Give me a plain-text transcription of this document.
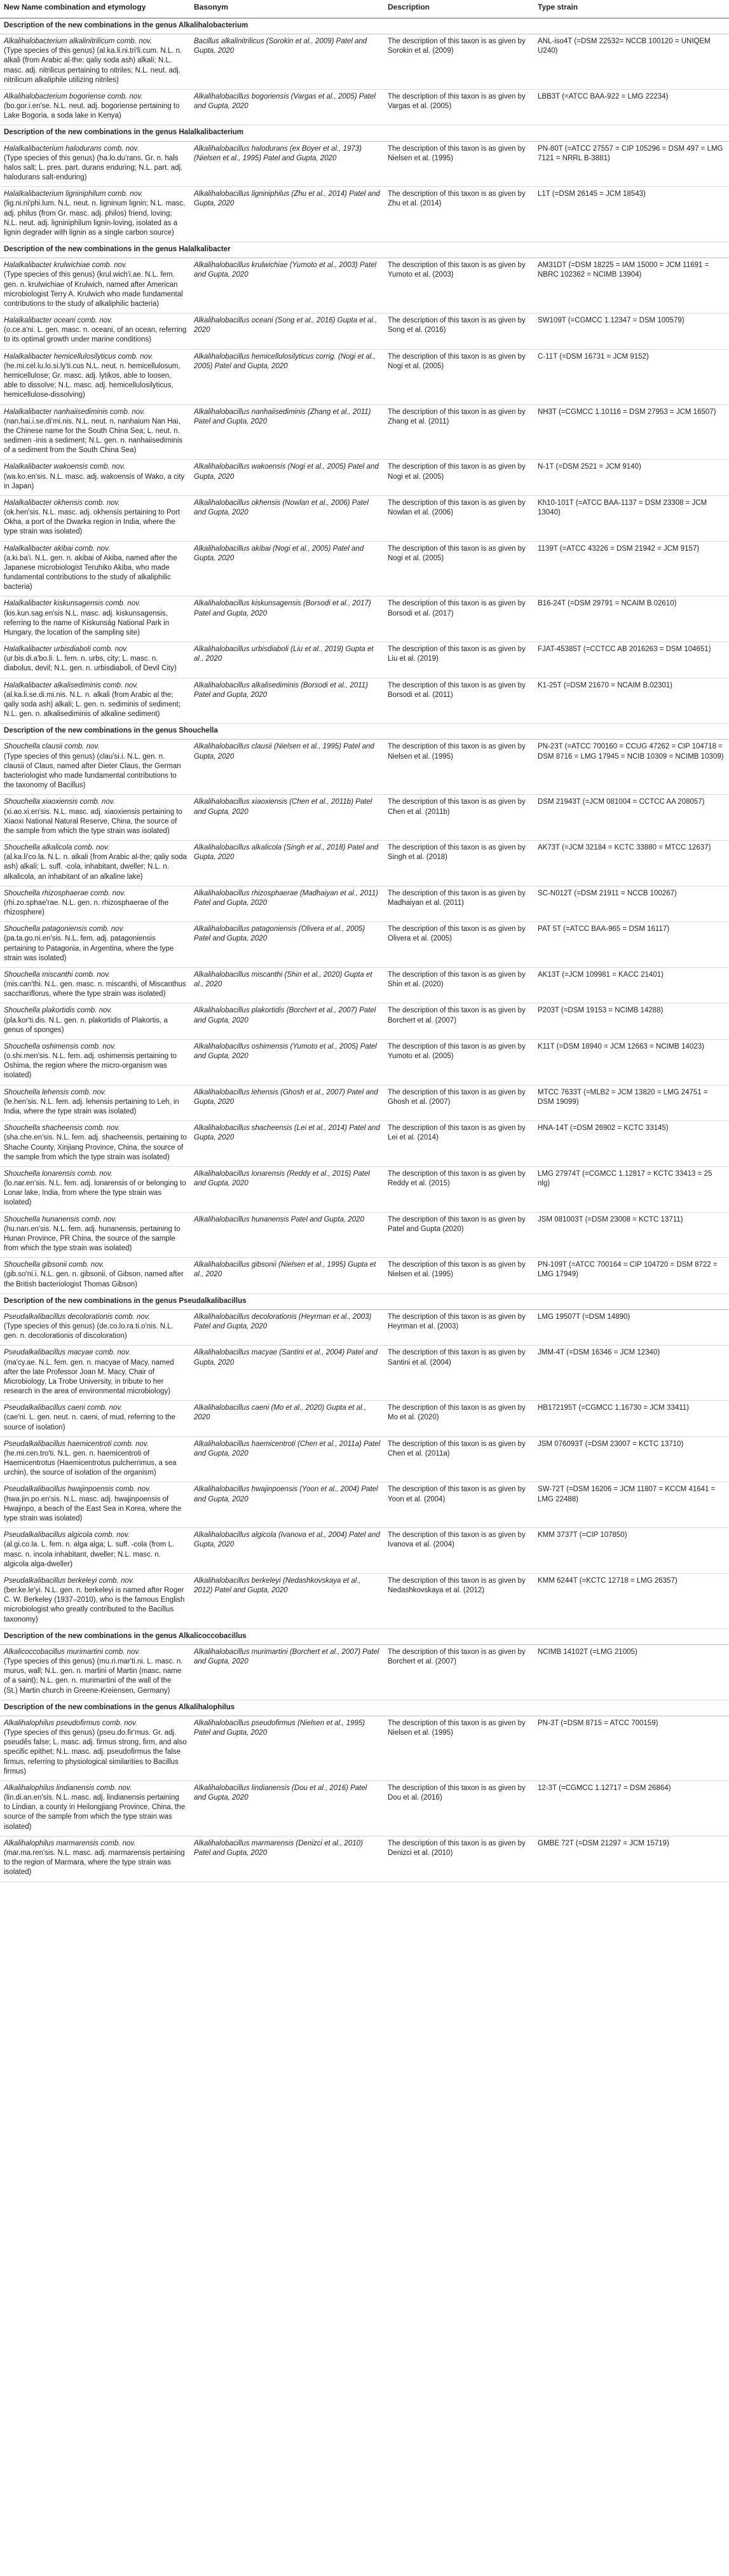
New Name combination and etymology	Basonym	Description	Type strain
Description of the new combinations in the genus Alkalihalobacterium			

Alkalihalobacterium alkalinitrilicum comb. nov.

(Type species of this genus) (al.ka.li.ni.tri'li.cum. N.L. n. alkali (from Arabic al-the; qaliy soda ash) alkali; N.L. masc. adj. nitrilicus pertaining to nitriles; N.L. neut. adj. nitrilicum alkaliphile utilizing nitriles)	Bacillus alkalinitrilicus (Sorokin et al., 2009) Patel and Gupta, 2020	The description of this taxon is as given by Sorokin et al. (2009)	ANL-iso4T (=DSM 22532= NCCB 100120 = UNIQEM U240)

Alkalihalobacterium bogoriense comb. nov.

(bo.gor.i.en'se. N.L. neut. adj. bogoriense pertaining to Lake Bogoria, a soda lake in Kenya)	Alkalihalobacillus bogoriensis (Vargas et al., 2005) Patel and Gupta, 2020	The description of this taxon is as given by Vargas et al. (2005)	LBB3T (=ATCC BAA-922 = LMG 22234)
Description of the new combinations in the genus Halalkalibacterium			

Halalkalibacterium halodurans comb. nov.

(Type species of this genus) (ha.lo.du'rans. Gr. n. hals halos salt; L. pres. part. durans enduring; N.L. part. adj. halodurans salt-enduring)	Alkalihalobacillus halodurans (ex Boyer et al., 1973) (Nielsen et al., 1995) Patel and Gupta, 2020	The description of this taxon is as given by Nielsen et al. (1995)	PN-80T (=ATCC 27557 = CIP 105296 = DSM 497 = LMG 7121 = NRRL B-3881)

Halalkalibacterium ligniniphilum comb. nov.

(lig.ni.ni'phi.lum. N.L. neut. n. ligninum lignin; N.L. masc. adj. philus (from Gr. masc. adj. philos) friend, loving; N.L. neut. adj. ligniniphilum lignin-loving, isolated as a lignin degrader with lignin as a single carbon source)	Alkalihalobacillus ligniniphilus (Zhu et al., 2014) Patel and Gupta, 2020	The description of this taxon is as given by Zhu et al. (2014)	L1T (=DSM 26145 = JCM 18543)
Description of the new combinations in the genus Halalkalibacter			

Halalkalibacter krulwichiae comb. nov.

(Type species of this genus) (krul.wich'i.ae. N.L. fem. gen. n. krulwichiae of Krulwich, named after American microbiologist Terry A. Krulwich who made fundamental contributions to the study of alkaliphilic bacteria)	Alkalihalobacillus krulwichiae (Yumoto et al., 2003) Patel and Gupta, 2020	The description of this taxon is as given by Yumoto et al. (2003)	AM31DT (=DSM 18225 = IAM 15000 = JCM 11691 = NBRC 102362 = NCIMB 13904)

Halalkalibacter oceani comb. nov.

(o.ce.a'ni. L. gen. masc. n. oceani, of an ocean, referring to its optimal growth under marine conditions)	Alkalihalobacillus oceani (Song et al., 2016) Gupta et al., 2020	The description of this taxon is as given by Song et al. (2016)	SW109T (=CGMCC 1.12347 = DSM 100579)

Halalkalibacter hemicellulosilyticus comb. nov.

(he.mi.cel.lu.lo.si.ly'ti.cus N.L. neut. n. hemicellulosum, hemicellulose; Gr. masc. adj. lytikos, able to loosen, able to dissolve; N.L. masc. adj. hemicellulosilyticus, hemicellulose-dissolving)	Alkalihalobacillus hemicellulosilyticus corrig. (Nogi et al., 2005) Patel and Gupta, 2020	The description of this taxon is as given by Nogi et al. (2005)	C-11T (=DSM 16731 = JCM 9152)

Halalkalibacter nanhaiisediminis comb. nov.

(nan.hai.i.se.di'mi.nis. N.L. neut. n. nanhaium Nan Hai, the Chinese name for the South China Sea; L. neut. n. sedimen -inis a sediment; N.L. gen. n. nanhaiisediminis of a sediment from the South China Sea)	Alkalihalobacillus nanhaiisediminis (Zhang et al., 2011) Patel and Gupta, 2020	The description of this taxon is as given by Zhang et al. (2011)	NH3T (=CGMCC 1.10116 = DSM 27953 = JCM 16507)

Halalkalibacter wakoensis comb. nov.

(wa.ko.en'sis. N.L. masc. adj. wakoensis of Wako, a city in Japan)	Alkalihalobacillus wakoensis (Nogi et al., 2005) Patel and Gupta, 2020	The description of this taxon is as given by Nogi et al. (2005)	N-1T (=DSM 2521 = JCM 9140)

Halalkalibacter okhensis comb. nov.

(ok.hen'sis. N.L. masc. adj. okhensis pertaining to Port Okha, a port of the Dwarka region in India, where the type strain was isolated)	Alkalihalobacillus okhensis (Nowlan et al., 2006) Patel and Gupta, 2020	The description of this taxon is as given by Nowlan et al. (2006)	Kh10-101T (=ATCC BAA-1137 = DSM 23308 = JCM 13040)

Halalkalibacter akibai comb. nov.

(a.ki.ba'i. N.L. gen. n. akibai of Akiba, named after the Japanese microbiologist Teruhiko Akiba, who made fundamental contributions to the study of alkaliphilic bacteria)	Alkalihalobacillus akibai (Nogi et al., 2005) Patel and Gupta, 2020	The description of this taxon is as given by Nogi et al. (2005)	1139T (=ATCC 43226 = DSM 21942 = JCM 9157)

Halalkalibacter kiskunsagensis comb. nov.

(kis.kun.sag.en'sis N.L. masc. adj. kiskunsagensis, referring to the name of Kiskunság National Park in Hungary, the location of the sampling site)	Alkalihalobacillus kiskunsagensis (Borsodi et al., 2017) Patel and Gupta, 2020	The description of this taxon is as given by Borsodi et al. (2017)	B16-24T (=DSM 29791 = NCAIM B.02610)

Halalkalibacter urbisdiaboli comb. nov.

(ur.bis.di.a'bo.li. L. fem. n. urbs, city; L. masc. n. diabolus, devil; N.L. gen. n. urbisdiaboli, of Devil City)	Alkalihalobacillus urbisdiaboli (Liu et al., 2019) Gupta et al., 2020	The description of this taxon is as given by Liu et al. (2019)	FJAT-45385T (=CCTCC AB 2016263 = DSM 104651)

Halalkalibacter alkalisediminis comb. nov.

(al.ka.li.se.di.mi.nis. N.L. n. alkali (from Arabic al the; qaliy soda ash) alkali; L. gen. n. sediminis of sediment; N.L. gen. n. alkalisediminis of alkaline sediment)	Alkalihalobacillus alkalisediminis (Borsodi et al., 2011) Patel and Gupta, 2020	The description of this taxon is as given by Borsodi et al. (2011)	K1-25T (=DSM 21670 = NCAIM B.02301)
Description of the new combinations in the genus Shouchella			

Shouchella clausii comb. nov.

(Type species of this genus) (clau'si.i. N.L. gen. n. clausii of Claus, named after Dieter Claus, the German bacteriologist who made fundamental contributions to the taxonomy of Bacillus)	Alkalihalobacillus clausii (Nielsen et al., 1995) Patel and Gupta, 2020	The description of this taxon is as given by Nielsen et al. (1995)	PN-23T (=ATCC 700160 = CCUG 47262 = CIP 104718 = DSM 8716 = LMG 17945 = NCIB 10309 = NCIMB 10309)

Shouchella xiaoxiensis comb. nov.

(xi.ao.xi.en'sis. N.L. masc. adj. xiaoxiensis pertaining to Xiaoxi National Natural Reserve, China, the source of the sample from which the type strain was isolated)	Alkalihalobacillus xiaoxiensis (Chen et al., 2011b) Patel and Gupta, 2020	The description of this taxon is as given by Chen et al. (2011b)	DSM 21943T (=JCM 081004 = CCTCC AA 208057)

Shouchella alkalicola comb. nov.

(al.ka.li'co.la. N.L. n. alkali (from Arabic al-the; qaliy soda ash) alkali; L. suff. -cola, inhabitant, dweller; N.L. n. alkalicola, an inhabitant of an alkaline lake)	Alkalihalobacillus alkalicola (Singh et al., 2018) Patel and Gupta, 2020	The description of this taxon is as given by Singh et al. (2018)	AK73T (=JCM 32184 = KCTC 33880 = MTCC 12637)

Shouchella rhizosphaerae comb. nov.

(rhi.zo.sphae'rae. N.L. gen. n. rhizosphaerae of the rhizosphere)	Alkalihalobacillus rhizosphaerae (Madhaiyan et al., 2011) Patel and Gupta, 2020	The description of this taxon is as given by Madhaiyan et al. (2011)	SC-N012T (=DSM 21911 = NCCB 100267)

Shouchella patagoniensis comb. nov.

(pa.ta.go.ni.en'sis. N.L. fem. adj. patagoniensis pertaining to Patagonia, in Argentina, where the type strain was isolated)	Alkalihalobacillus patagoniensis (Olivera et al., 2005) Patel and Gupta, 2020	The description of this taxon is as given by Olivera et al. (2005)	PAT 5T (=ATCC BAA-965 = DSM 16117)

Shouchella miscanthi comb. nov.

(mis.can'thi. N.L. gen. masc. n. miscanthi, of Miscanthus sacchariflorus, where the type strain was isolated)	Alkalihalobacillus miscanthi (Shin et al., 2020) Gupta et al., 2020	The description of this taxon is as given by Shin et al. (2020)	AK13T (=JCM 109981 = KACC 21401)

Shouchella plakortidis comb. nov.

(pla.kor'ti.dis. N.L. gen. n. plakortidis of Plakortis, a genus of sponges)	Alkalihalobacillus plakortidis (Borchert et al., 2007) Patel and Gupta, 2020	The description of this taxon is as given by Borchert et al. (2007)	P203T (=DSM 19153 = NCIMB 14288)

Shouchella oshimensis comb. nov.

(o.shi.men'sis. N.L. fem. adj. oshimensis pertaining to Oshima, the region where the micro-organism was isolated)	Alkalihalobacillus oshimensis (Yumoto et al., 2005) Patel and Gupta, 2020	The description of this taxon is as given by Yumoto et al. (2005)	K11T (=DSM 18940 = JCM 12663 = NCIMB 14023)

Shouchella lehensis comb. nov.

(le.hen'sis. N.L. fem. adj. lehensis pertaining to Leh, in India, where the type strain was isolated)	Alkalihalobacillus lehensis (Ghosh et al., 2007) Patel and Gupta, 2020	The description of this taxon is as given by Ghosh et al. (2007)	MTCC 7633T (=MLB2 = JCM 13820 = LMG 24751 = DSM 19099)

Shouchella shacheensis comb. nov.

(sha.che.en'sis. N.L. fem. adj. shacheensis, pertaining to Shache County, Xinjiang Province, China, the source of the sample from which the type strain was isolated)	Alkalihalobacillus shacheensis (Lei et al., 2014) Patel and Gupta, 2020	The description of this taxon is as given by Lei et al. (2014)	HNA-14T (=DSM 26902 = KCTC 33145)

Shouchella lonarensis comb. nov.

(lo.nar.en'sis. N.L. fem. adj. lonarensis of or belonging to Lonar lake, India, from where the type strain was isolated)	Alkalihalobacillus lonarensis (Reddy et al., 2015) Patel and Gupta, 2020	The description of this taxon is as given by Reddy et al. (2015)	LMG 27974T (=CGMCC 1.12817 = KCTC 33413 = 25 nlg)

Shouchella hunanensis comb. nov.

(hu.nan.en'sis. N.L. fem. adj. hunanensis, pertaining to Hunan Province, PR China, the source of the sample from which the type strain was isolated)	Alkalihalobacillus hunanensis Patel and Gupta, 2020	The description of this taxon is as given by Patel and Gupta (2020)	JSM 081003T (=DSM 23008 = KCTC 13711)

Shouchella gibsonii comb. nov.

(gib.so'ni.i. N.L. gen. n. gibsonii, of Gibson, named after the British bacteriologist Thomas Gibson)	Alkalihalobacillus gibsonii (Nielsen et al., 1995) Gupta et al., 2020	The description of this taxon is as given by Nielsen et al. (1995)	PN-109T (=ATCC 700164 = CIP 104720 = DSM 8722 = LMG 17949)
Description of the new combinations in the genus Pseudalkalibacillus			

Pseudalkalibacillus decolorationis comb. nov.

(Type species of this genus) (de.co.lo.ra.ti.o'nis. N.L. gen. n. decolorationis of discoloration)	Alkalihalobacillus decolorationis (Heyrman et al., 2003) Patel and Gupta, 2020	The description of this taxon is as given by Heyrman et al. (2003)	LMG 19507T (=DSM 14890)

Pseudalkalibacillus macyae comb. nov.

(ma'cy.ae. N.L. fem. gen. n. macyae of Macy, named after the late Professor Joan M. Macy, Chair of Microbiology, La Trobe University, in tribute to her research in the area of environmental microbiology)	Alkalihalobacillus macyae (Santini et al., 2004) Patel and Gupta, 2020	The description of this taxon is as given by Santini et al. (2004)	JMM-4T (=DSM 16346 = JCM 12340)

Pseudalkalibacillus caeni comb. nov.

(cae'ni. L. gen. neut. n. caeni, of mud, referring to the source of isolation)	Alkalihalobacillus caeni (Mo et al., 2020) Gupta et al., 2020	The description of this taxon is as given by Mo et al. (2020)	HB172195T (=CGMCC 1.16730 = JCM 33411)

Pseudalkalibacillus haemicentroti comb. nov.

(he.mi.cen.tro'ti. N.L. gen. n. haemicentroti of Haemicentrotus (Haemicentrotus pulcherrimus, a sea urchin), the source of isolation of the organism)	Alkalihalobacillus haemicentroti (Chen et al., 2011a) Patel and Gupta, 2020	The description of this taxon is as given by Chen et al. (2011a)	JSM 076093T (=DSM 23007 = KCTC 13710)

Pseudalkalibacillus hwajinpoensis comb. nov.

(hwa.jin.po.en'sis. N.L. masc. adj. hwajinpoensis of Hwajinpo, a beach of the East Sea in Korea, where the type strain was isolated)	Alkalihalobacillus hwajinpoensis (Yoon et al., 2004) Patel and Gupta, 2020	The description of this taxon is as given by Yoon et al. (2004)	SW-72T (=DSM 16206 = JCM 11807 = KCCM 41641 = LMG 22488)

Pseudalkalibacillus algicola comb. nov.

(al.gi.co.la. L. fem. n. alga alga; L. suff. -cola (from L. masc. n. incola inhabitant, dweller; N.L. masc. n. algicola alga-dweller)	Alkalihalobacillus algicola (Ivanova et al., 2004) Patel and Gupta, 2020	The description of this taxon is as given by Ivanova et al. (2004)	KMM 3737T (=CIP 107850)

Pseudalkalibacillus berkeleyi comb. nov.

(ber.ke.le'yi. N.L. gen. n. berkeleyi is named after Roger C. W. Berkeley (1937–2010), who is the famous English microbiologist who greatly contributed to the Bacillus taxonomy)	Alkalihalobacillus berkeleyi (Nedashkovskaya et al., 2012) Patel and Gupta, 2020	The description of this taxon is as given by Nedashkovskaya et al. (2012)	KMM 6244T (=KCTC 12718 = LMG 26357)
Description of the new combinations in the genus Alkalicoccobacillus			

Alkalicoccobacillus murimartini comb. nov.

(Type species of this genus) (mu.ri.mar'ti.ni. L. masc. n. murus, wall; N.L. gen. n. martini of Martin (masc. name of a saint); N.L. gen. n. murimartini of the wall of the (St.) Martin church in Greene-Kreiensen, Germany)	Alkalihalobacillus murimartini (Borchert et al., 2007) Patel and Gupta, 2020	The description of this taxon is as given by Borchert et al. (2007)	NCIMB 14102T (=LMG 21005)
Description of the new combinations in the genus Alkalihalophilus			

Alkalihalophilus pseudofirmus comb. nov.

(Type species of this genus) (pseu.do.fir'mus. Gr. adj. pseudês false; L. masc. adj. firmus strong, firm, and also specific epithet; N.L. masc. adj. pseudofirmus the false firmus, referring to physiological similarities to Bacillus firmus)	Alkalihalobacillus pseudofirmus (Nielsen et al., 1995) Patel and Gupta, 2020	The description of this taxon is as given by Nielsen et al. (1995)	PN-3T (=DSM 8715 = ATCC 700159)

Alkalihalophilus lindianensis comb. nov.

(lin.di.an.en'sis. N.L. masc. adj. lindianensis pertaining to Lindian, a county in Heilongjiang Province, China, the source of the sample from which the type strain was isolated)	Alkalihalobacillus lindianensis (Dou et al., 2016) Patel and Gupta, 2020	The description of this taxon is as given by Dou et al. (2016)	12-3T (=CGMCC 1.12717 = DSM 26864)

Alkalihalophilus marmarensis comb. nov.

(mar.ma.ren'sis. N.L. masc. adj. marmarensis pertaining to the region of Marmara, where the type strain was isolated)	Alkalihalobacillus marmarensis (Denizci et al., 2010) Patel and Gupta, 2020	The description of this taxon is as given by Denizci et al. (2010)	GMBE 72T (=DSM 21297 = JCM 15719)
